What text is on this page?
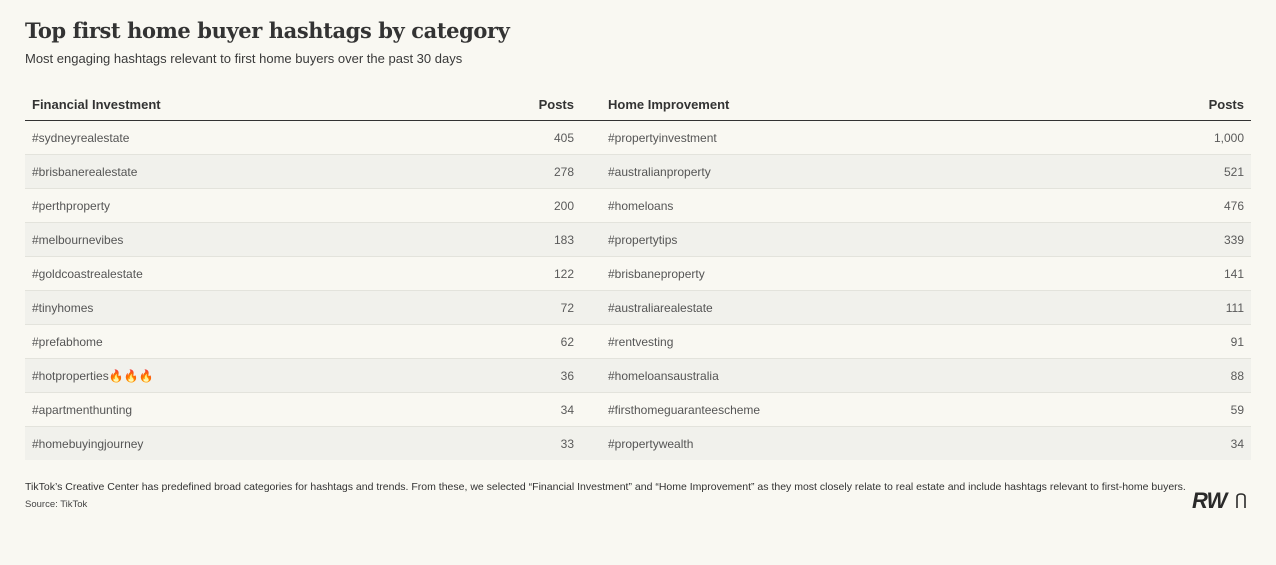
Top first home buyer hashtags by category
Most engaging hashtags relevant to first home buyers over the past 30 days
Financial Investment	Posts		Home Improvement	Posts
#sydneyrealestate	405		#propertyinvestment	1,000
#brisbanerealestate	278		#australianproperty	521
#perthproperty	200		#homeloans	476
#melbournevibes	183		#propertytips	339
#goldcoastrealestate	122		#brisbaneproperty	141
#tinyhomes	72		#australiarealestate	111
#prefabhome	62		#rentvesting	91
#hotproperties🔥🔥🔥	36		#homeloansaustralia	88
#apartmenthunting	34		#firsthomeguaranteescheme	59
#homebuyingjourney	33		#propertywealth	34
TikTok’s Creative Center has predefined broad categories for hashtags and trends. From these, we selected “Financial Investment” and “Home Improvement” as they most closely relate to real estate and include hashtags relevant to first-home buyers.
Source: TikTok	RW
